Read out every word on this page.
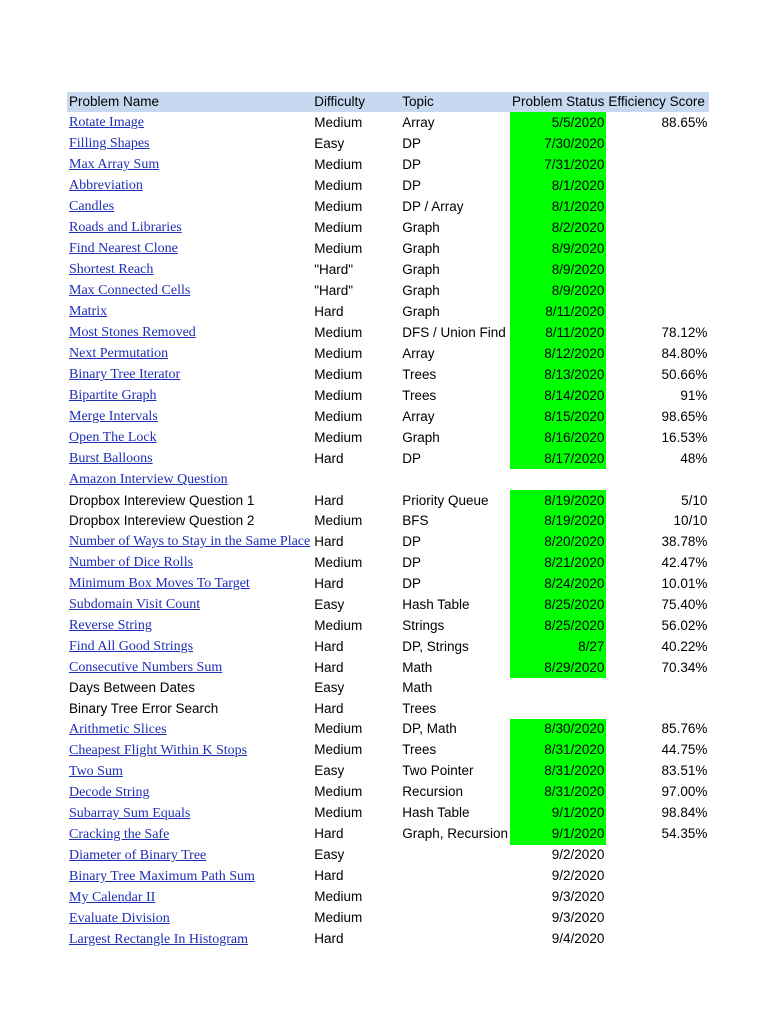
Problem Name	Difficulty	Topic	Problem Status	Efficiency Score
Rotate Image	Medium	Array	5/5/2020	88.65%
Filling Shapes	Easy	DP	7/30/2020	
Max Array Sum	Medium	DP	7/31/2020	
Abbreviation	Medium	DP	8/1/2020	
Candles	Medium	DP / Array	8/1/2020	
Roads and Libraries	Medium	Graph	8/2/2020	
Find Nearest Clone	Medium	Graph	8/9/2020	
Shortest Reach	"Hard"	Graph	8/9/2020	
Max Connected Cells	"Hard"	Graph	8/9/2020	
Matrix	Hard	Graph	8/11/2020	
Most Stones Removed	Medium	DFS / Union Find	8/11/2020	78.12%
Next Permutation	Medium	Array	8/12/2020	84.80%
Binary Tree Iterator	Medium	Trees	8/13/2020	50.66%
Bipartite Graph	Medium	Trees	8/14/2020	91%
Merge Intervals	Medium	Array	8/15/2020	98.65%
Open The Lock	Medium	Graph	8/16/2020	16.53%
Burst Balloons	Hard	DP	8/17/2020	48%
Amazon Interview Question				
Dropbox Intereview Question 1	Hard	Priority Queue	8/19/2020	5/10
Dropbox Intereview Question 2	Medium	BFS	8/19/2020	10/10
Number of Ways to Stay in the Same Place	Hard	DP	8/20/2020	38.78%
Number of Dice Rolls	Medium	DP	8/21/2020	42.47%
Minimum Box Moves To Target	Hard	DP	8/24/2020	10.01%
Subdomain Visit Count	Easy	Hash Table	8/25/2020	75.40%
Reverse String	Medium	Strings	8/25/2020	56.02%
Find All Good Strings	Hard	DP, Strings	8/27	40.22%
Consecutive Numbers Sum	Hard	Math	8/29/2020	70.34%
Days Between Dates	Easy	Math		
Binary Tree Error Search	Hard	Trees		
Arithmetic Slices	Medium	DP, Math	8/30/2020	85.76%
Cheapest Flight Within K Stops	Medium	Trees	8/31/2020	44.75%
Two Sum	Easy	Two Pointer	8/31/2020	83.51%
Decode String	Medium	Recursion	8/31/2020	97.00%
Subarray Sum Equals	Medium	Hash Table	9/1/2020	98.84%
Cracking the Safe	Hard	Graph, Recursion	9/1/2020	54.35%
Diameter of Binary Tree	Easy		9/2/2020	
Binary Tree Maximum Path Sum	Hard		9/2/2020	
My Calendar II	Medium		9/3/2020	
Evaluate Division	Medium		9/3/2020	
Largest Rectangle In Histogram	Hard		9/4/2020	
